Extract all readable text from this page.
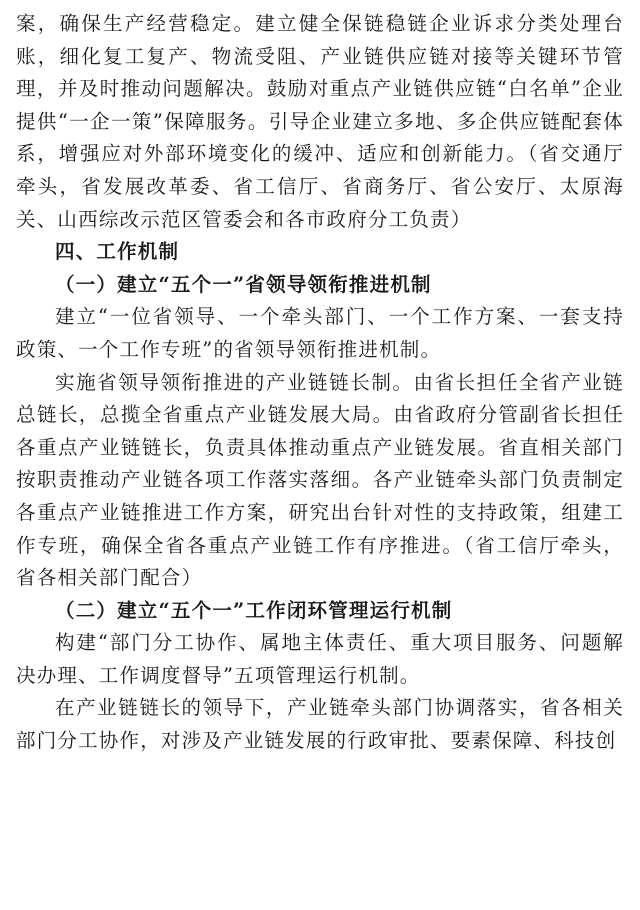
案，确保生产经营稳定。建立健全保链稳链企业诉求分类处理台账，细化复工复产、物流受阻、产业链供应链对接等关键环节管理，并及时推动问题解决。鼓励对重点产业链供应链“白名单”企业提供“一企一策”保障服务。引导企业建立多地、多企供应链配套体系，增强应对外部环境变化的缓冲、适应和创新能力。（省交通厅牵头，省发展改革委、省工信厅、省商务厅、省公安厅、太原海关、山西综改示范区管委会和各市政府分工负责）

四、工作机制

（一）建立“五个一”省领导领衔推进机制

建立“一位省领导、一个牵头部门、一个工作方案、一套支持政策、一个工作专班”的省领导领衔推进机制。

实施省领导领衔推进的产业链链长制。由省长担任全省产业链总链长，总揽全省重点产业链发展大局。由省政府分管副省长担任各重点产业链链长，负责具体推动重点产业链发展。省直相关部门按职责推动产业链各项工作落实落细。各产业链牵头部门负责制定各重点产业链推进工作方案，研究出台针对性的支持政策，组建工作专班，确保全省各重点产业链工作有序推进。（省工信厅牵头，省各相关部门配合）

（二）建立“五个一”工作闭环管理运行机制

构建“部门分工协作、属地主体责任、重大项目服务、问题解决办理、工作调度督导”五项管理运行机制。

在产业链链长的领导下，产业链牵头部门协调落实，省各相关部门分工协作，对涉及产业链发展的行政审批、要素保障、科技创
